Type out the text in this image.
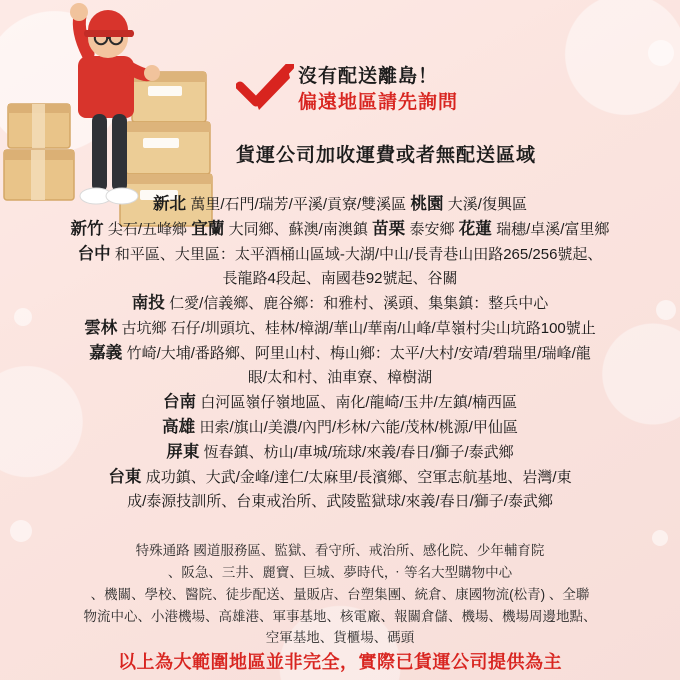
沒有配送離島！
偏遠地區請先詢問
貨運公司加收運費或者無配送區域
新北 萬里/石門/瑞芳/平溪/貢寮/雙溪區 桃園 大溪/復興區
新竹 尖石/五峰鄉 宜蘭 大同鄉、蘇澳/南澳鎮 苗栗 泰安鄉 花蓮 瑞穗/卓溪/富里鄉
台中 和平區、大里區：太平酒桶山區域-大湖/中山/長青巷山田路265/256號起、
長龍路4段起、南國巷92號起、谷關
南投 仁愛/信義鄉、鹿谷鄉：和雅村、溪頭、集集鎮：整兵中心
雲林 古坑鄉 石仔/圳頭坑、桂林/樟湖/華山/華南/山峰/草嶺村尖山坑路100號止
嘉義 竹崎/大埔/番路鄉、阿里山村、梅山鄉：太平/大村/安靖/碧瑞里/瑞峰/龍
眼/太和村、油車寮、樟樹湖
台南 白河區嶺仔嶺地區、南化/龍崎/玉井/左鎮/楠西區
高雄 田索/旗山/美濃/內門/杉林/六能/茂林/桃源/甲仙區
屏東 恆春鎮、枋山/車城/琉球/來義/春日/獅子/泰武鄉
台東 成功鎮、大武/金峰/達仁/太麻里/長濱鄉、空軍志航基地、岩灣/東
成/泰源技訓所、台東戒治所、武陵監獄球/來義/春日/獅子/泰武鄉
特殊通路 國道服務區、監獄、看守所、戒治所、感化院、少年輔育院
、阪急、三井、麗寶、巨城、夢時代，‧等名大型購物中心
、機關、學校、醫院、徒步配送、量販店、台塑集團、統倉、康國物流(松青) 、全聯
物流中心、小港機場、高雄港、軍事基地、核電廠、報關倉儲、機場、機場周邊地點、
空軍基地、貨櫃場、碼頭
以上為大範圍地區並非完全，實際已貨運公司提供為主
